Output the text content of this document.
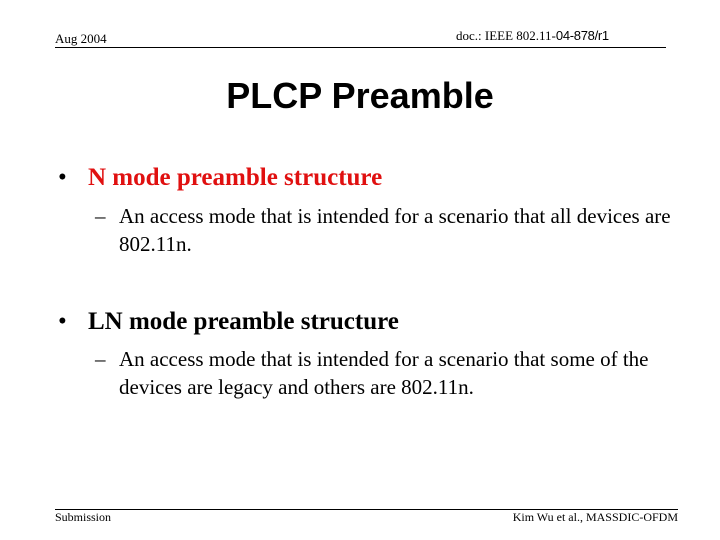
Aug 2004	doc.: IEEE 802.11-04-878/r1
PLCP Preamble
• N mode preamble structure
– An access mode that is intended for a scenario that all devices are 802.11n.
• LN mode preamble structure
– An access mode that is intended for a scenario that some of the devices are legacy and others are 802.11n.
Submission	Kim Wu et al., MASSDIC-OFDM
